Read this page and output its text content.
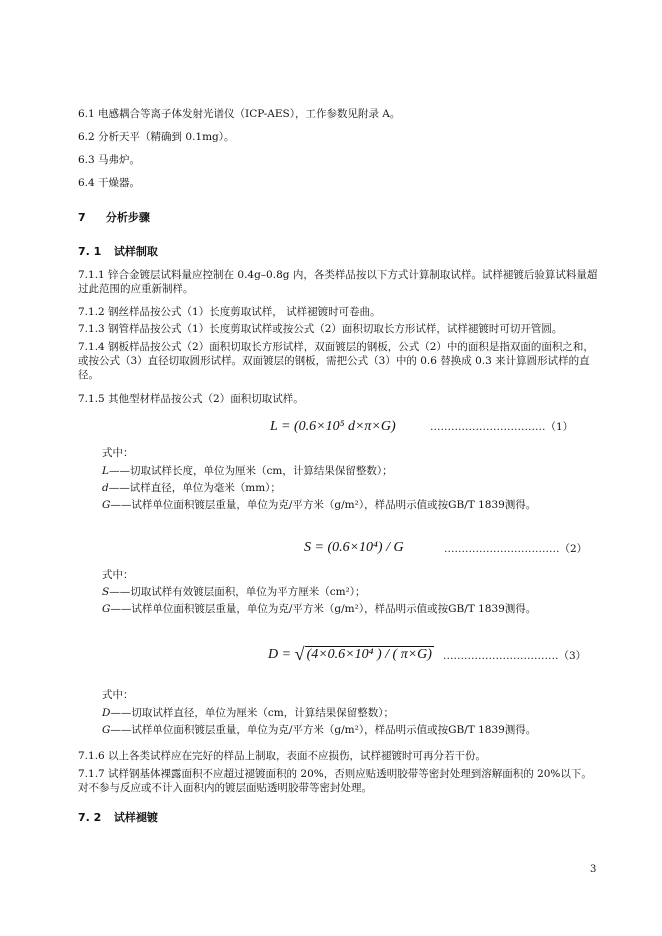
6.1 电感耦合等离子体发射光谱仪（ICP-AES），工作参数见附录 A。
6.2 分析天平（精确到 0.1mg）。
6.3 马弗炉。
6.4 干燥器。
7 分析步骤
7. 1 试样制取
7.1.1 锌合金镀层试料量应控制在 0.4g–0.8g 内，各类样品按以下方式计算制取试样。试样褪镀后验算试料量超过此范围的应重新制样。
7.1.2 钢丝样品按公式（1）长度剪取试样， 试样褪镀时可卷曲。
7.1.3 钢管样品按公式（1）长度剪取试样或按公式（2）面积切取长方形试样，试样褪镀时可切开管圆。
7.1.4 钢板样品按公式（2）面积切取长方形试样，双面镀层的钢板，公式（2）中的面积是指双面的面积之和，或按公式（3）直径切取圆形试样。双面镀层的钢板，需把公式（3）中的 0.6 替换成 0.3 来计算圆形试样的直径。
7.1.5 其他型材样品按公式（2）面积切取试样。
L = (0.6×10⁵ d×π×G)	……………………………（1）
式中：
L——切取试样长度，单位为厘米（cm，计算结果保留整数）；
d——试样直径，单位为毫米（mm）；
G——试样单位面积镀层重量，单位为克/平方米（g/m²），样品明示值或按GB/T 1839测得。
S = (0.6×10⁴) / G	……………………………（2）
式中：
S——切取试样有效镀层面积，单位为平方厘米（cm²）；
G——试样单位面积镀层重量，单位为克/平方米（g/m²），样品明示值或按GB/T 1839测得。
D = √ (4×0.6×10⁴ ) / ( π×G) ……………………………（3）
式中：
D——切取试样直径，单位为厘米（cm，计算结果保留整数）；
G——试样单位面积镀层重量，单位为克/平方米（g/m²），样品明示值或按GB/T 1839测得。
7.1.6 以上各类试样应在完好的样品上制取，表面不应损伤，试样褪镀时可再分若干份。
7.1.7 试样钢基体裸露面积不应超过褪镀面积的 20%，否则应贴透明胶带等密封处理到溶解面积的 20%以下。对不参与反应或不计入面积内的镀层面贴透明胶带等密封处理。
7. 2 试样褪镀
3
